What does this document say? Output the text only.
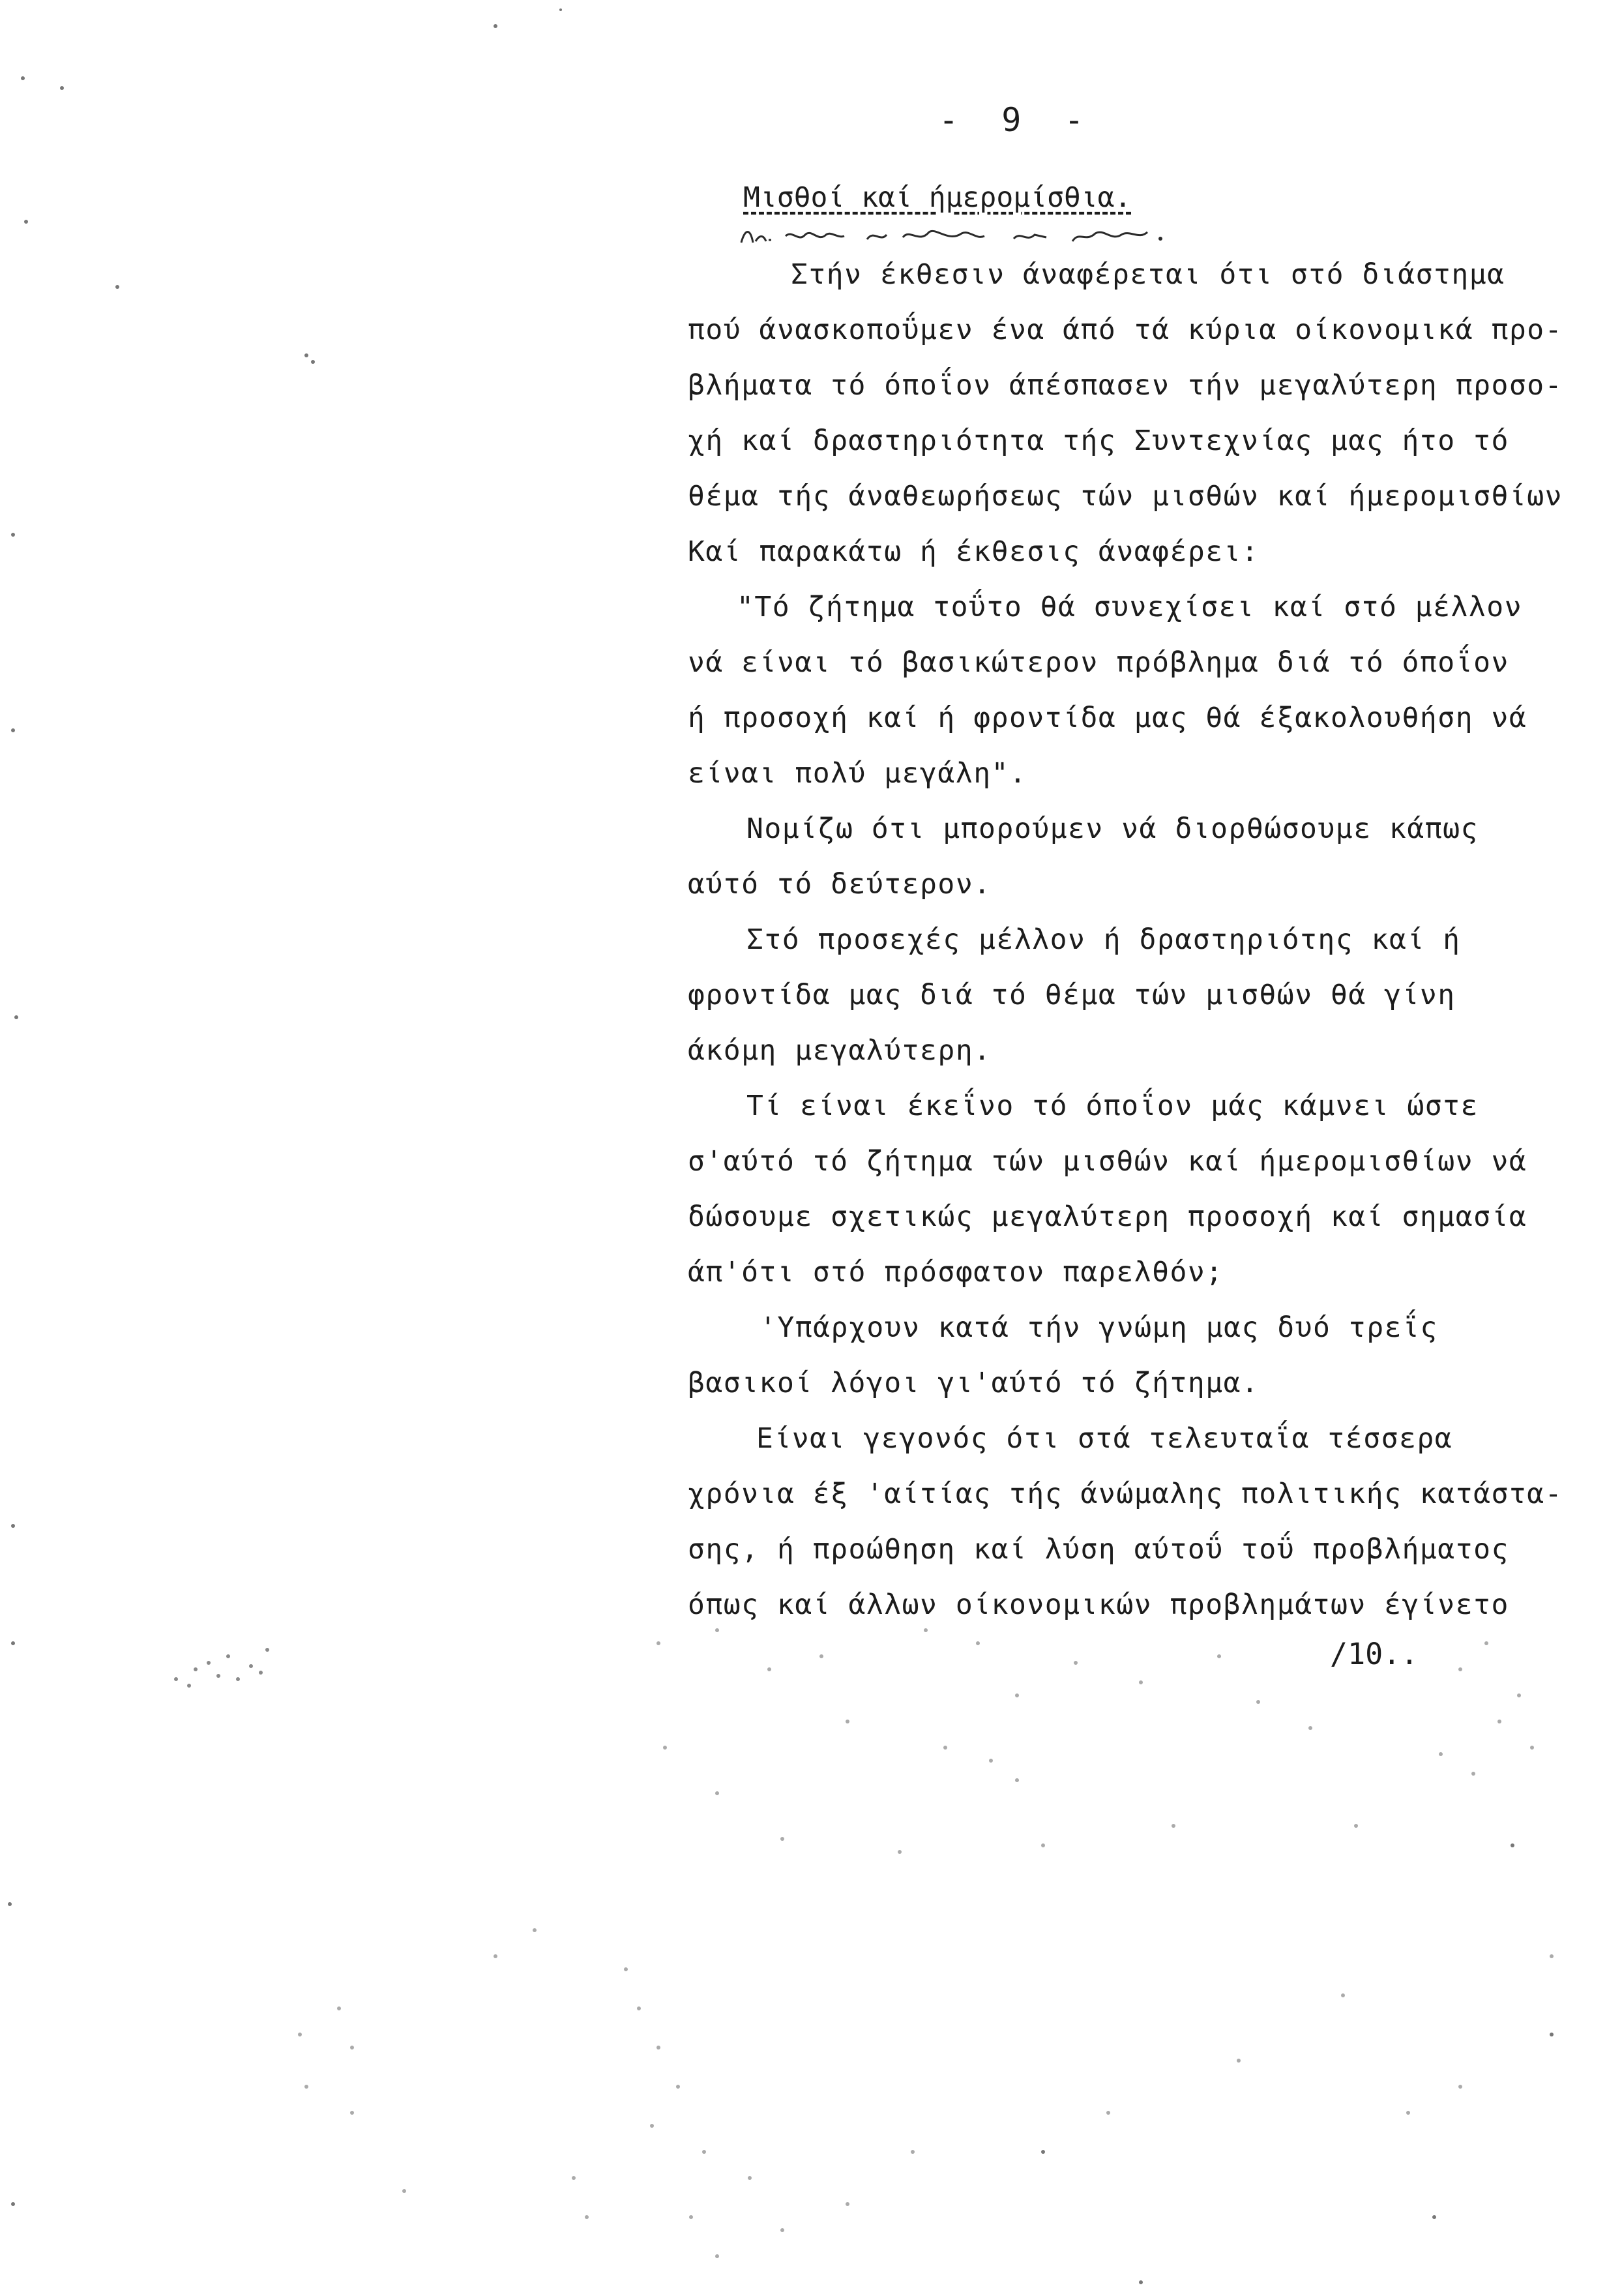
- 9 -
Μισθοί καί ήμερομίσθια.
Στήν έκθεσιν άναφέρεται ότι στό διάστημα
πού άνασκοποΰμεν ένα άπό τά κύρια οίκονομικά προ-
βλήματα τό όποΐον άπέσπασεν τήν μεγαλύτερη προσο-
χή καί δραστηριότητα τής Συντεχνίας μας ήτο τό
θέμα τής άναθεωρήσεως τών μισθών καί ήμερομισθίων
Καί παρακάτω ή έκθεσις άναφέρει:
"Τό ζήτημα τοΰτο θά συνεχίσει καί στό μέλλον
νά είναι τό βασικώτερον πρόβλημα διά τό όποΐον
ή προσοχή καί ή φροντίδα μας θά έξακολουθήση νά
είναι πολύ μεγάλη".
Νομίζω ότι μπορούμεν νά διορθώσουμε κάπως
αύτό τό δεύτερον.
Στό προσεχές μέλλον ή δραστηριότης καί ή
φροντίδα μας διά τό θέμα τών μισθών θά γίνη
άκόμη μεγαλύτερη.
Τί είναι έκεΐνο τό όποΐον μάς κάμνει ώστε
σ'αύτό τό ζήτημα τών μισθών καί ήμερομισθίων νά
δώσουμε σχετικώς μεγαλύτερη προσοχή καί σημασία
άπ'ότι στό πρόσφατον παρελθόν;
'Υπάρχουν κατά τήν γνώμη μας δυό τρεΐς
βασικοί λόγοι γι'αύτό τό ζήτημα.
Είναι γεγονός ότι στά τελευταΐα τέσσερα
χρόνια έξ 'αίτίας τής άνώμαλης πολιτικής κατάστα-
σης, ή προώθηση καί λύση αύτοΰ τοΰ προβλήματος
όπως καί άλλων οίκονομικών προβλημάτων έγίνετο
/10..
